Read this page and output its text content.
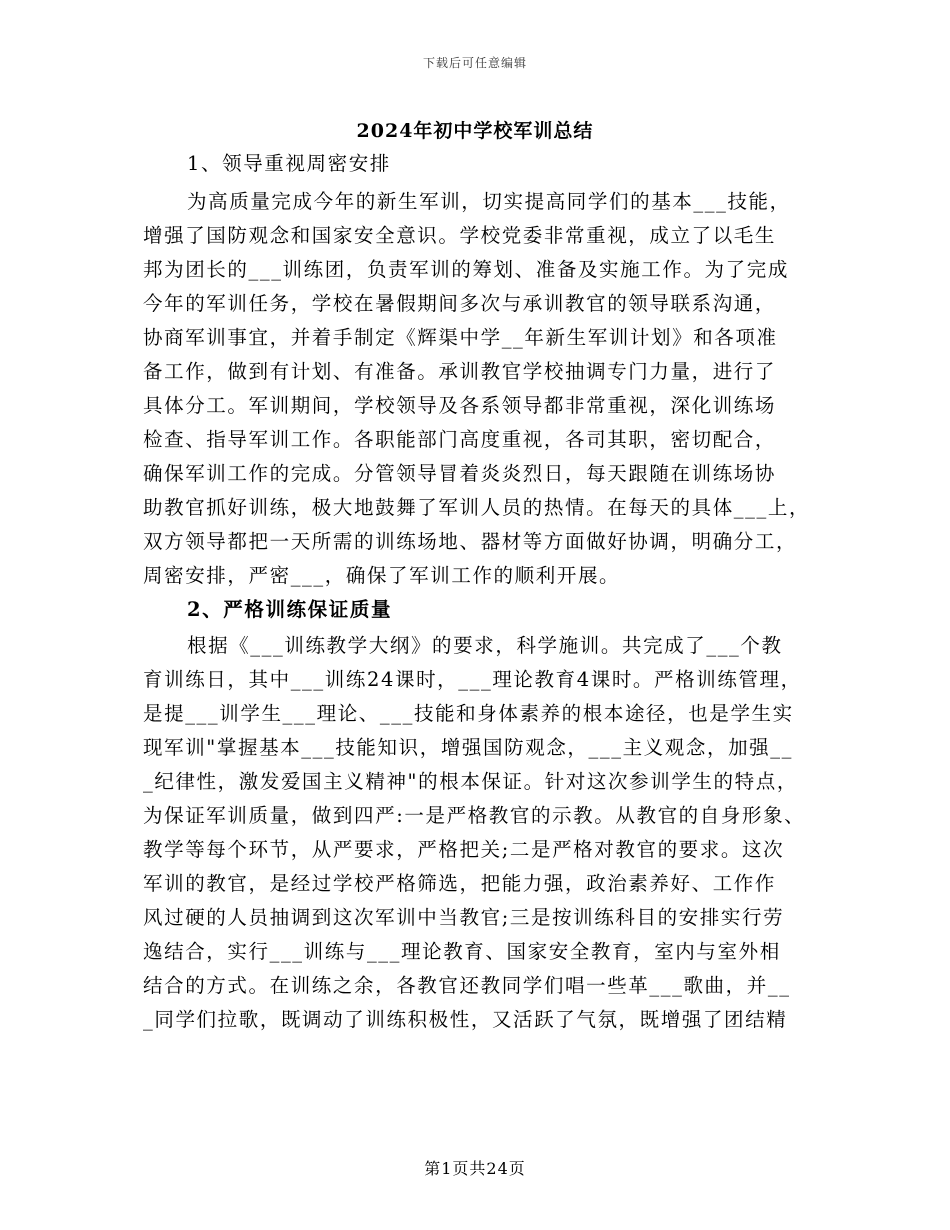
下载后可任意编辑
2024年初中学校军训总结
1、领导重视周密安排
为高质量完成今年的新生军训，切实提高同学们的基本___技能，
增强了国防观念和国家安全意识。学校党委非常重视，成立了以毛生
邦为团长的___训练团，负责军训的筹划、准备及实施工作。为了完成
今年的军训任务，学校在暑假期间多次与承训教官的领导联系沟通，
协商军训事宜，并着手制定《辉渠中学__年新生军训计划》和各项准
备工作，做到有计划、有准备。承训教官学校抽调专门力量，进行了
具体分工。军训期间，学校领导及各系领导都非常重视，深化训练场
检查、指导军训工作。各职能部门高度重视，各司其职，密切配合，
确保军训工作的完成。分管领导冒着炎炎烈日，每天跟随在训练场协
助教官抓好训练，极大地鼓舞了军训人员的热情。在每天的具体___上，
双方领导都把一天所需的训练场地、器材等方面做好协调，明确分工，
周密安排，严密___，确保了军训工作的顺利开展。
2、严格训练保证质量
根据《___训练教学大纲》的要求，科学施训。共完成了___个教
育训练日，其中___训练24课时，___理论教育4课时。严格训练管理，
是提___训学生___理论、___技能和身体素养的根本途径，也是学生实
现军训"掌握基本___技能知识，增强国防观念，___主义观念，加强__
_纪律性，激发爱国主义精神"的根本保证。针对这次参训学生的特点，
为保证军训质量，做到四严:一是严格教官的示教。从教官的自身形象、
教学等每个环节，从严要求，严格把关;二是严格对教官的要求。这次
军训的教官，是经过学校严格筛选，把能力强，政治素养好、工作作
风过硬的人员抽调到这次军训中当教官;三是按训练科目的安排实行劳
逸结合，实行___训练与___理论教育、国家安全教育，室内与室外相
结合的方式。在训练之余，各教官还教同学们唱一些革___歌曲，并__
_同学们拉歌，既调动了训练积极性，又活跃了气氛，既增强了团结精
第1页共24页
